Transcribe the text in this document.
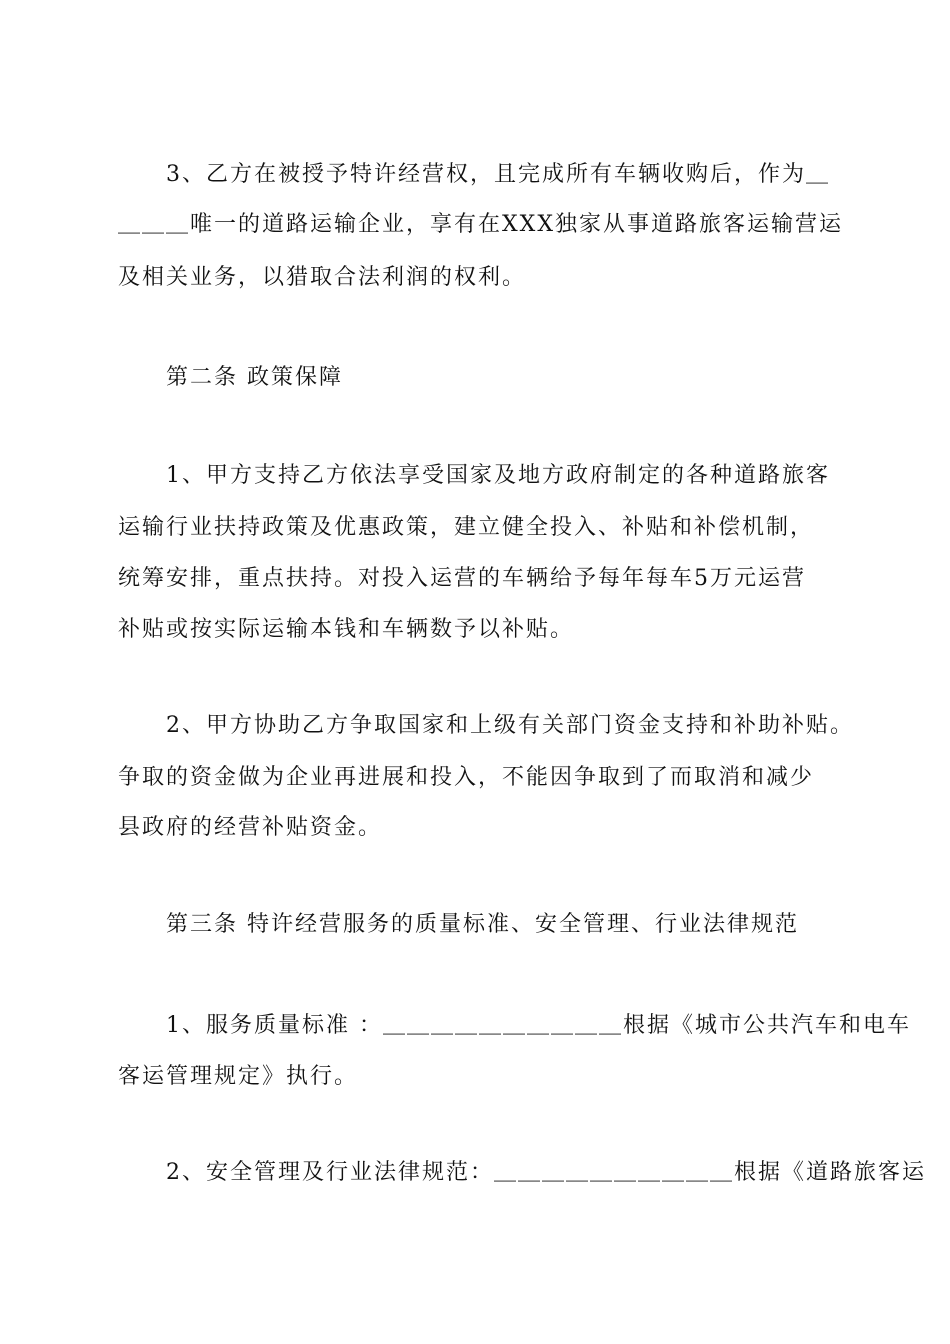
3、乙方在被授予特许经营权，且完成所有车辆收购后，作为＿
＿＿＿唯一的道路运输企业，享有在XXX独家从事道路旅客运输营运
及相关业务，以猎取合法利润的权利。
第二条 政策保障
1、甲方支持乙方依法享受国家及地方政府制定的各种道路旅客
运输行业扶持政策及优惠政策，建立健全投入、补贴和补偿机制，
统筹安排，重点扶持。对投入运营的车辆给予每年每车5万元运营
补贴或按实际运输本钱和车辆数予以补贴。
2、甲方协助乙方争取国家和上级有关部门资金支持和补助补贴。
争取的资金做为企业再进展和投入，不能因争取到了而取消和减少
县政府的经营补贴资金。
第三条 特许经营服务的质量标准、安全管理、行业法律规范
1、服务质量标准 ：＿＿＿＿＿＿＿＿＿＿根据《城市公共汽车和电车
客运管理规定》执行。
2、安全管理及行业法律规范：＿＿＿＿＿＿＿＿＿＿根据《道路旅客运
